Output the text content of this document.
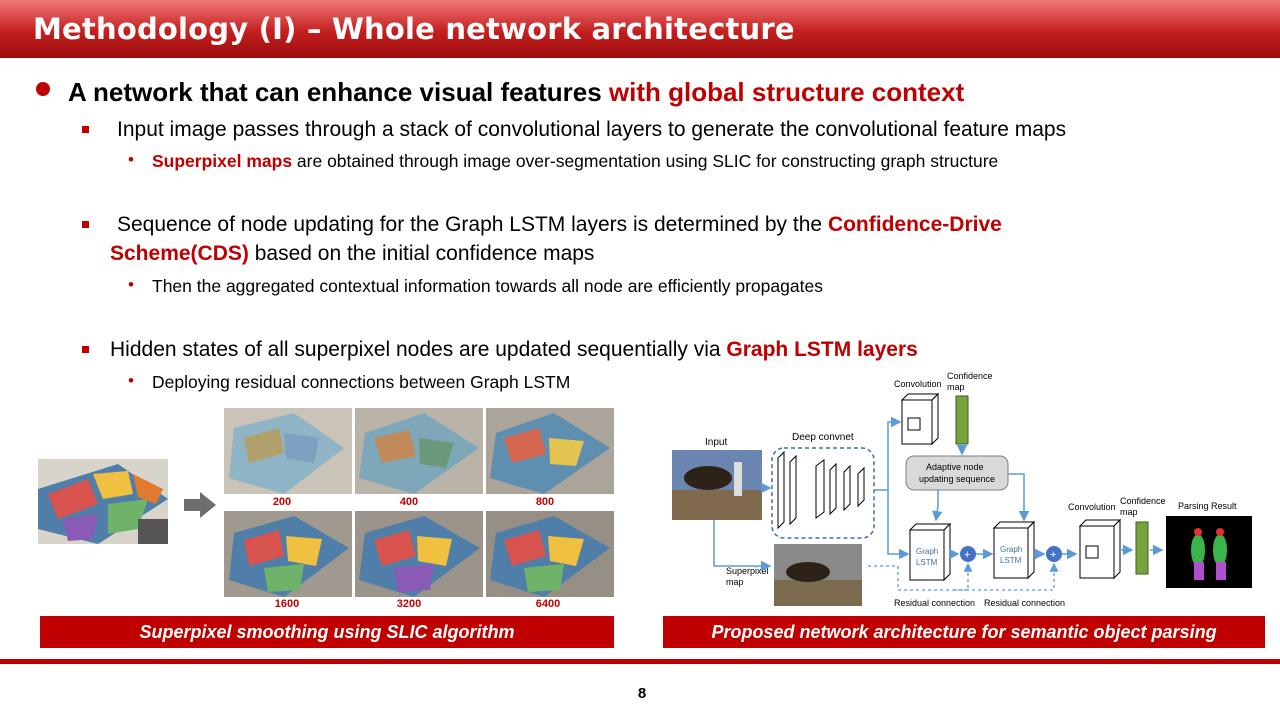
Methodology (I) – Whole network architecture
A network that can enhance visual features with global structure context
Input image passes through a stack of convolutional layers to generate the convolutional feature maps
• Superpixel maps are obtained through image over-segmentation using SLIC for constructing graph structure
Sequence of node updating for the Graph LSTM layers is determined by the Confidence-Drive
Scheme(CDS) based on the initial confidence maps
• Then the aggregated contextual information towards all node are efficiently propagates
Hidden states of all superpixel nodes are updated sequentially via Graph LSTM layers
• Deploying residual connections between Graph LSTM
200	400	800
1600	3200	6400
Input
Superpixel
map
Deep convnet
Convolution
Confidence
map
Adaptive node
updating sequence
Graph
LSTM
+	Graph
LSTM	+
Residual connection Residual connection
Convolution
Confidence
map
Parsing Result
Superpixel smoothing using SLIC algorithm	Proposed network architecture for semantic object parsing
8
